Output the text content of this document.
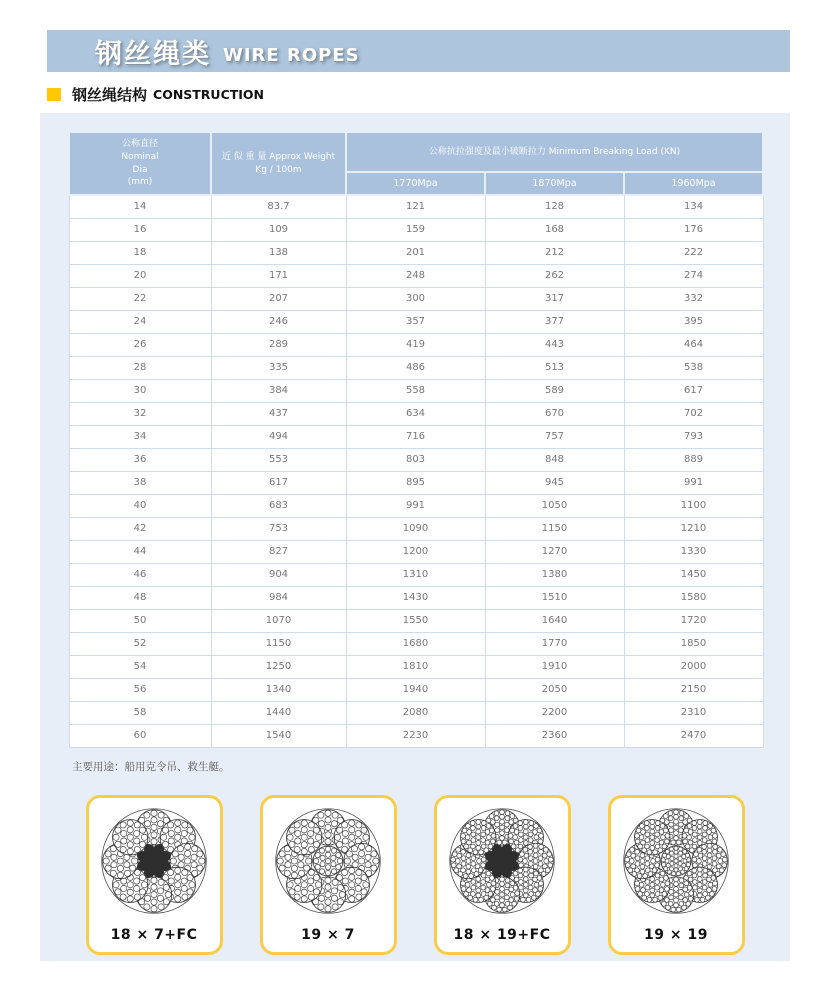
钢丝绳类 WIRE ROPES
钢丝绳结构 CONSTRUCTION
公称直径
Nominal
Dia
(mm)

近 似 重 量 Approx Weight
Kg / 100m
	公称抗拉强度及最小破断拉力 Minimum Breaking Load (KN)
		1770Mpa	1870Mpa	1960Mpa
14	83.7	121	128	134
16	109	159	168	176
18	138	201	212	222
20	171	248	262	274
22	207	300	317	332
24	246	357	377	395
26	289	419	443	464
28	335	486	513	538
30	384	558	589	617
32	437	634	670	702
34	494	716	757	793
36	553	803	848	889
38	617	895	945	991
40	683	991	1050	1100
42	753	1090	1150	1210
44	827	1200	1270	1330
46	904	1310	1380	1450
48	984	1430	1510	1580
50	1070	1550	1640	1720
52	1150	1680	1770	1850
54	1250	1810	1910	2000
56	1340	1940	2050	2150
58	1440	2080	2200	2310
60	1540	2230	2360	2470

主要用途：船用克令吊、救生艇。

18 × 7+FC	19 × 7	18 × 19+FC	19 × 19
